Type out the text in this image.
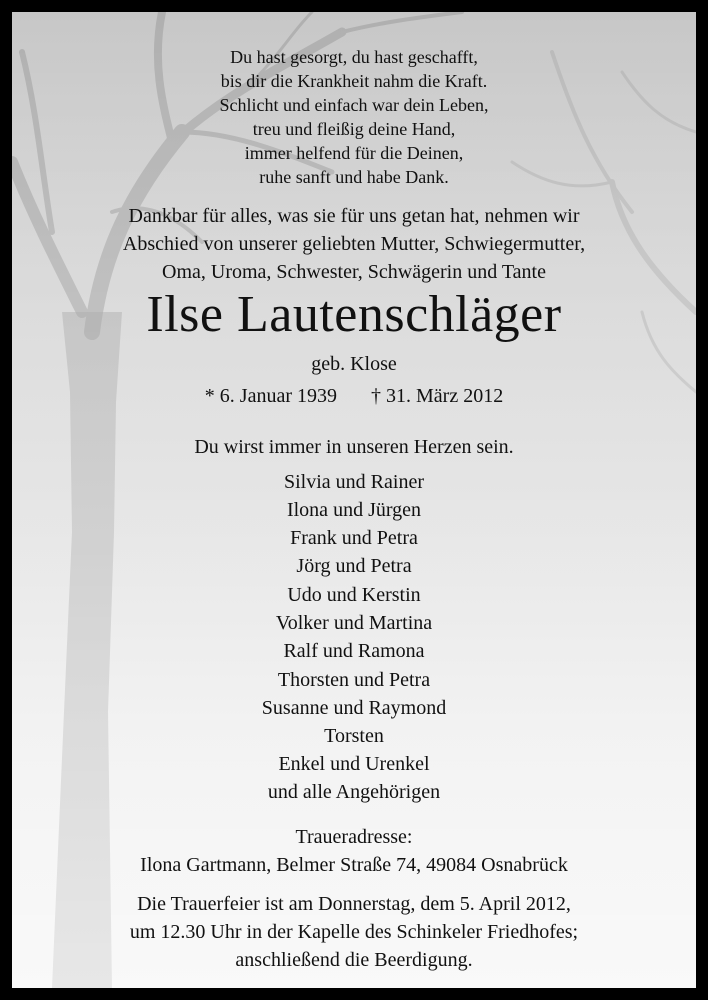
Du hast gesorgt, du hast geschafft,
bis dir die Krankheit nahm die Kraft.
Schlicht und einfach war dein Leben,
treu und fleißig deine Hand,
immer helfend für die Deinen,
ruhe sanft und habe Dank.
Dankbar für alles, was sie für uns getan hat, nehmen wir
Abschied von unserer geliebten Mutter, Schwiegermutter,
Oma, Uroma, Schwester, Schwägerin und Tante
Ilse Lautenschläger
geb. Klose
* 6. Januar 1939 † 31. März 2012
Du wirst immer in unseren Herzen sein.
Silvia und Rainer
Ilona und Jürgen
Frank und Petra
Jörg und Petra
Udo und Kerstin
Volker und Martina
Ralf und Ramona
Thorsten und Petra
Susanne und Raymond
Torsten
Enkel und Urenkel
und alle Angehörigen
Traueradresse:
Ilona Gartmann, Belmer Straße 74, 49084 Osnabrück
Die Trauerfeier ist am Donnerstag, dem 5. April 2012,
um 12.30 Uhr in der Kapelle des Schinkeler Friedhofes;
anschließend die Beerdigung.
